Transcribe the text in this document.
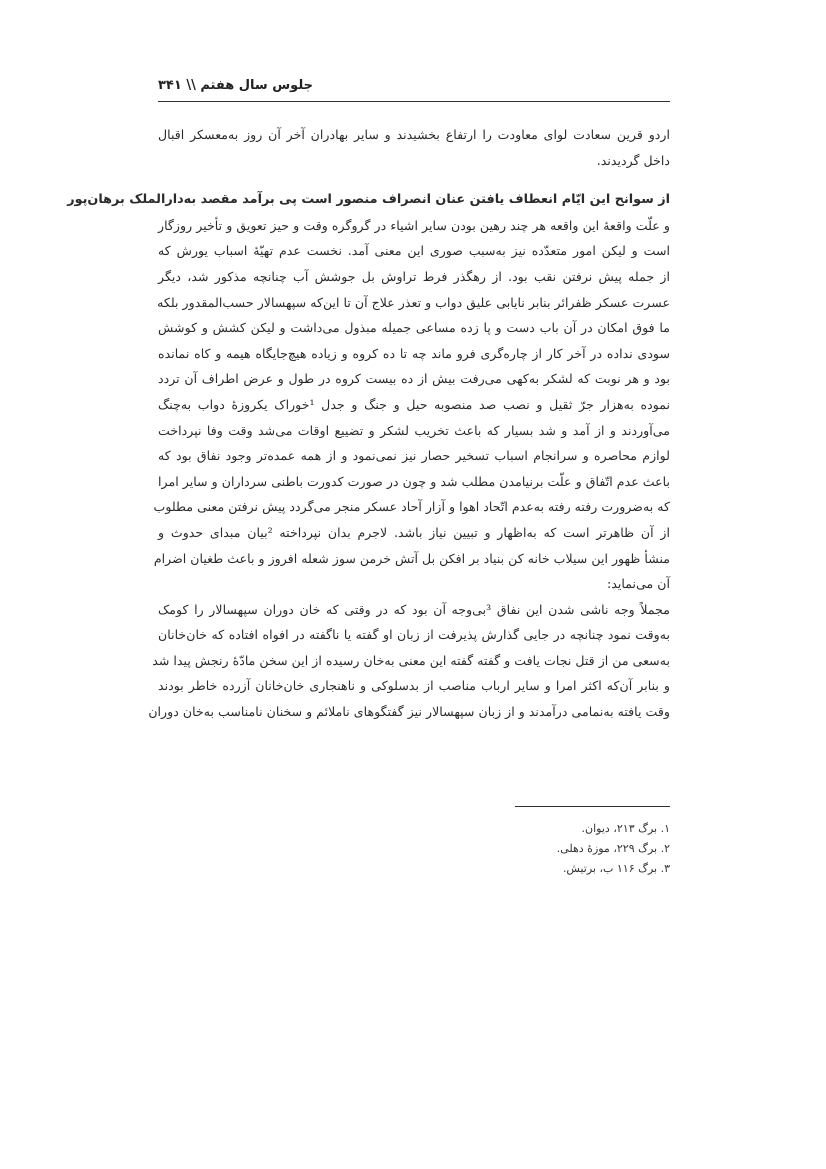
جلوس سال هفتم \\ ۳۴۱
اردو قرین سعادت لوای معاودت را ارتفاع بخشیدند و سایر بهادران آخر آن روز به‌معسکر اقبال
داخل گردیدند.
از سوانح این ایّام انعطاف یافتن عنان انصراف منصور است پی برآمد مقصد به‌دارالملک برهان‌پور
و علّت واقعهٔ این واقعه هر چند رهین بودن سایر اشیاء در گروگره وقت و حیز تعویق و تأخیر روزگار
است و لیکن امور متعدّده نیز به‌سبب صوری این معنی آمد. نخست عدم تهیّهٔ اسباب یورش که
از جمله پیش نرفتن نقب بود. از رهگذر فرط تراوش بل جوشش آب چنانچه مذکور شد، دیگر
عسرت عسکر ظفرائر بنابر نایابی علیق دواب و تعذر علاج آن تا این‌که سپهسالار حسب‌المقدور بلکه
ما فوق امکان در آن باب دست و پا زده مساعی جمیله مبذول می‌داشت و لیکن کشش و کوشش
سودی نداده در آخر کار از چاره‌گری فرو ماند چه تا ده کروه و زیاده هیچ‌جایگاه هیمه و کاه نمانده
بود و هر نوبت که لشکر به‌کهی می‌رفت بیش از ده بیست کروه در طول و عرض اطراف آن تردد
نموده به‌هزار جرّ ثقیل و نصب صد منصوبه حیل و جنگ و جدل ¹خوراک یکروزهٔ دواب به‌چنگ
می‌آوردند و از آمد و شد بسیار که باعث تخریب لشکر و تضییع اوقات می‌شد وقت وفا نپرداخت
لوازم محاصره و سرانجام اسباب تسخیر حصار نیز نمی‌نمود و از همه عمده‌تر وجود نفاق بود که
باعث عدم اتّفاق و علّت برنیامدن مطلب شد و چون در صورت کدورت باطنی سرداران و سایر امرا
که به‌ضرورت رفته رفته به‌عدم اتّحاد اهوا و آزار آحاد عسکر منجر می‌گردد پیش نرفتن معنی مطلوب
از آن ظاهرتر است که به‌اظهار و تبیین نیاز باشد. لاجرم بدان نپرداخته ²بیان مبدای حدوث و
منشأ ظهور این سیلاب خانه کن بنیاد بر افکن بل آتش خرمن سوز شعله افروز و باعث طغیان اضرام
آن می‌نماید:
مجملاً وجه ناشی شدن این نفاق ³بی‌وجه آن بود که در وقتی که خان دوران سپهسالار را کومک
به‌وقت نمود چنانچه در جایی گذارش پذیرفت از زبان او گفته یا ناگفته در افواه افتاده که خان‌خانان
به‌سعی من از قتل نجات یافت و گفته گفته این معنی به‌خان رسیده از این سخن مادّهٔ رنجش پیدا شد
و بنابر آن‌که اکثر امرا و سایر ارباب مناصب از بدسلوکی و ناهنجاری خان‌خانان آزرده خاطر بودند
وقت یافته به‌نمامی درآمدند و از زبان سپهسالار نیز گفتگوهای ناملائم و سخنان نامناسب به‌خان دوران
۱. برگ ۲۱۳، دیوان.
۲. برگ ۲۲۹، موزهٔ دهلی.
۳. برگ ۱۱۶ ب، برتیش.
